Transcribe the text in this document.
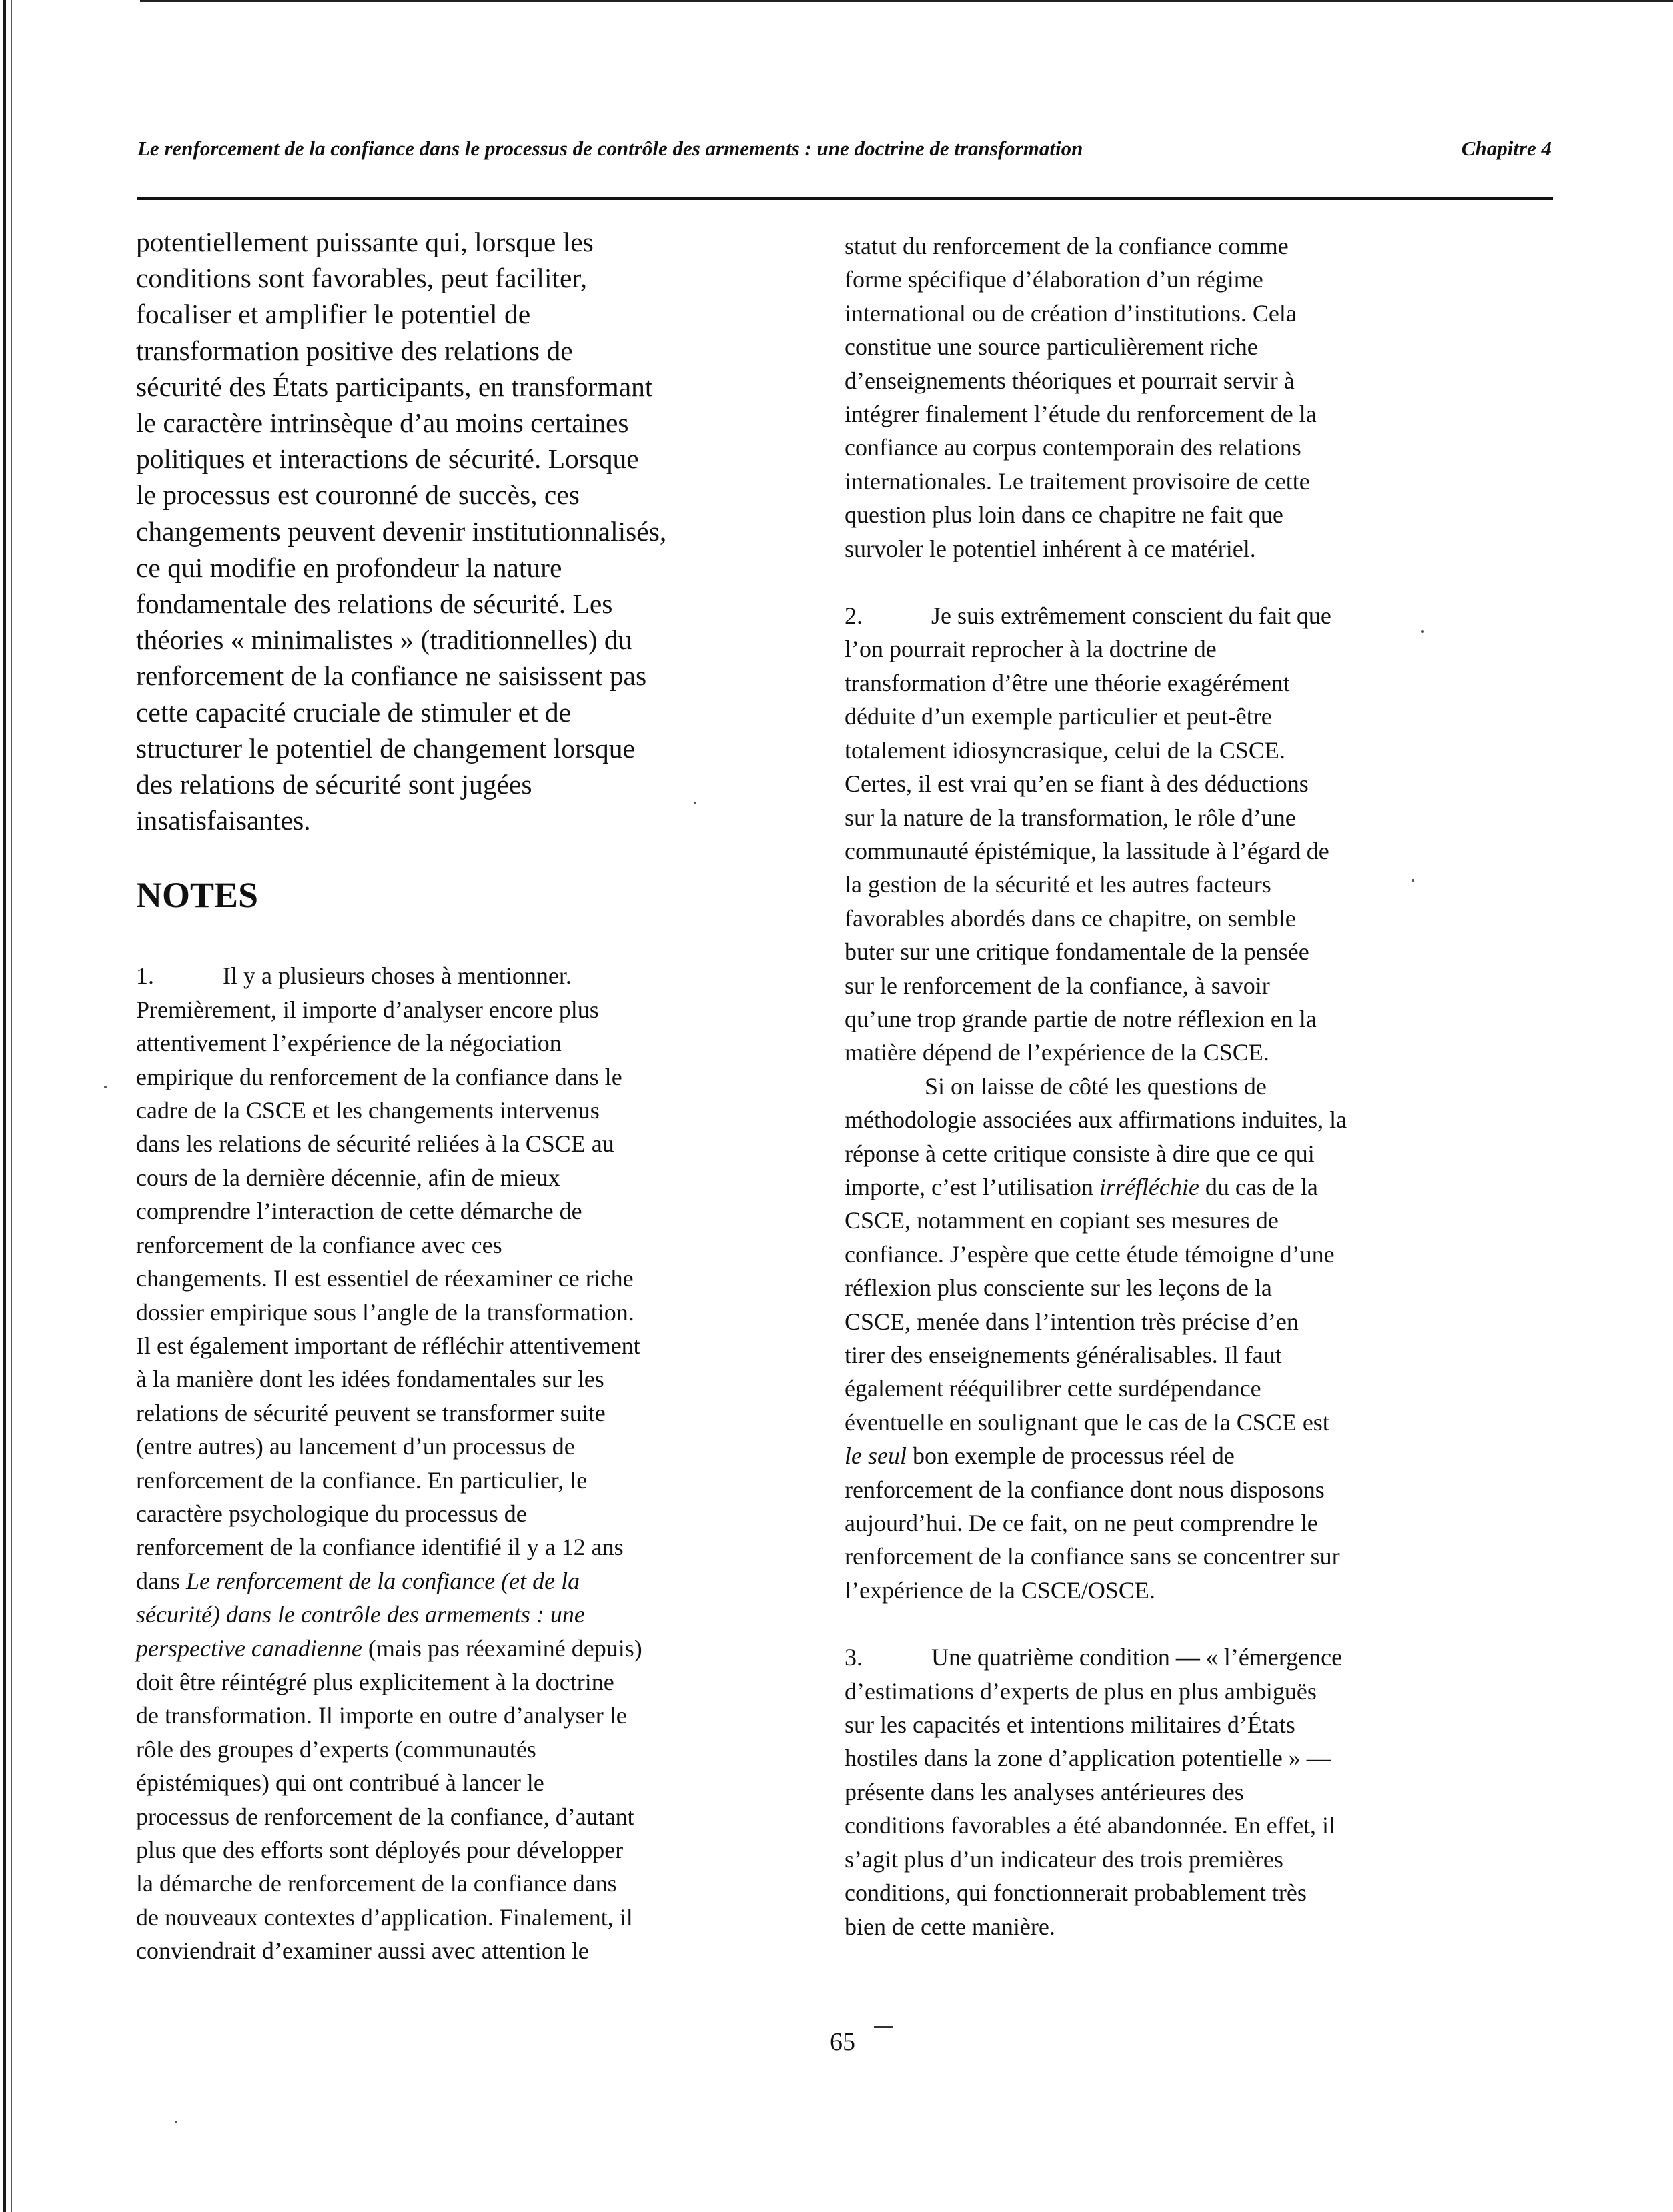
Le renforcement de la confiance dans le processus de contrôle des armements : une doctrine de transformation	Chapitre 4

potentiellement puissante qui, lorsque les
conditions sont favorables, peut faciliter,
focaliser et amplifier le potentiel de
transformation positive des relations de
sécurité des États participants, en transformant
le caractère intrinsèque d’au moins certaines
politiques et interactions de sécurité. Lorsque
le processus est couronné de succès, ces
changements peuvent devenir institutionnalisés,
ce qui modifie en profondeur la nature
fondamentale des relations de sécurité. Les
théories « minimalistes » (traditionnelles) du
renforcement de la confiance ne saisissent pas
cette capacité cruciale de stimuler et de
structurer le potentiel de changement lorsque
des relations de sécurité sont jugées
insatisfaisantes.

NOTES
1.	Il y a plusieurs choses à mentionner.
Premièrement, il importe d’analyser encore plus
attentivement l’expérience de la négociation
empirique du renforcement de la confiance dans le
cadre de la CSCE et les changements intervenus
dans les relations de sécurité reliées à la CSCE au
cours de la dernière décennie, afin de mieux
comprendre l’interaction de cette démarche de
renforcement de la confiance avec ces
changements. Il est essentiel de réexaminer ce riche
dossier empirique sous l’angle de la transformation.
Il est également important de réfléchir attentivement
à la manière dont les idées fondamentales sur les
relations de sécurité peuvent se transformer suite
(entre autres) au lancement d’un processus de
renforcement de la confiance. En particulier, le
caractère psychologique du processus de
renforcement de la confiance identifié il y a 12 ans
dans Le renforcement de la confiance (et de la
sécurité) dans le contrôle des armements : une
perspective canadienne (mais pas réexaminé depuis)
doit être réintégré plus explicitement à la doctrine
de transformation. Il importe en outre d’analyser le
rôle des groupes d’experts (communautés
épistémiques) qui ont contribué à lancer le
processus de renforcement de la confiance, d’autant
plus que des efforts sont déployés pour développer
la démarche de renforcement de la confiance dans
de nouveaux contextes d’application. Finalement, il
conviendrait d’examiner aussi avec attention le
statut du renforcement de la confiance comme
forme spécifique d’élaboration d’un régime
international ou de création d’institutions. Cela
constitue une source particulièrement riche
d’enseignements théoriques et pourrait servir à
intégrer finalement l’étude du renforcement de la
confiance au corpus contemporain des relations
internationales. Le traitement provisoire de cette
question plus loin dans ce chapitre ne fait que
survoler le potentiel inhérent à ce matériel.
2.	Je suis extrêmement conscient du fait que
l’on pourrait reprocher à la doctrine de
transformation d’être une théorie exagérément
déduite d’un exemple particulier et peut-être
totalement idiosyncrasique, celui de la CSCE.
Certes, il est vrai qu’en se fiant à des déductions
sur la nature de la transformation, le rôle d’une
communauté épistémique, la lassitude à l’égard de
la gestion de la sécurité et les autres facteurs
favorables abordés dans ce chapitre, on semble
buter sur une critique fondamentale de la pensée
sur le renforcement de la confiance, à savoir
qu’une trop grande partie de notre réflexion en la
matière dépend de l’expérience de la CSCE.
Si on laisse de côté les questions de
méthodologie associées aux affirmations induites, la
réponse à cette critique consiste à dire que ce qui
importe, c’est l’utilisation irréfléchie du cas de la
CSCE, notamment en copiant ses mesures de
confiance. J’espère que cette étude témoigne d’une
réflexion plus consciente sur les leçons de la
CSCE, menée dans l’intention très précise d’en
tirer des enseignements généralisables. Il faut
également rééquilibrer cette surdépendance
éventuelle en soulignant que le cas de la CSCE est
le seul bon exemple de processus réel de
renforcement de la confiance dont nous disposons
aujourd’hui. De ce fait, on ne peut comprendre le
renforcement de la confiance sans se concentrer sur
l’expérience de la CSCE/OSCE.
3.	Une quatrième condition — « l’émergence
d’estimations d’experts de plus en plus ambiguës
sur les capacités et intentions militaires d’États
hostiles dans la zone d’application potentielle » —
présente dans les analyses antérieures des
conditions favorables a été abandonnée. En effet, il
s’agit plus d’un indicateur des trois premières
conditions, qui fonctionnerait probablement très
bien de cette manière.
65
